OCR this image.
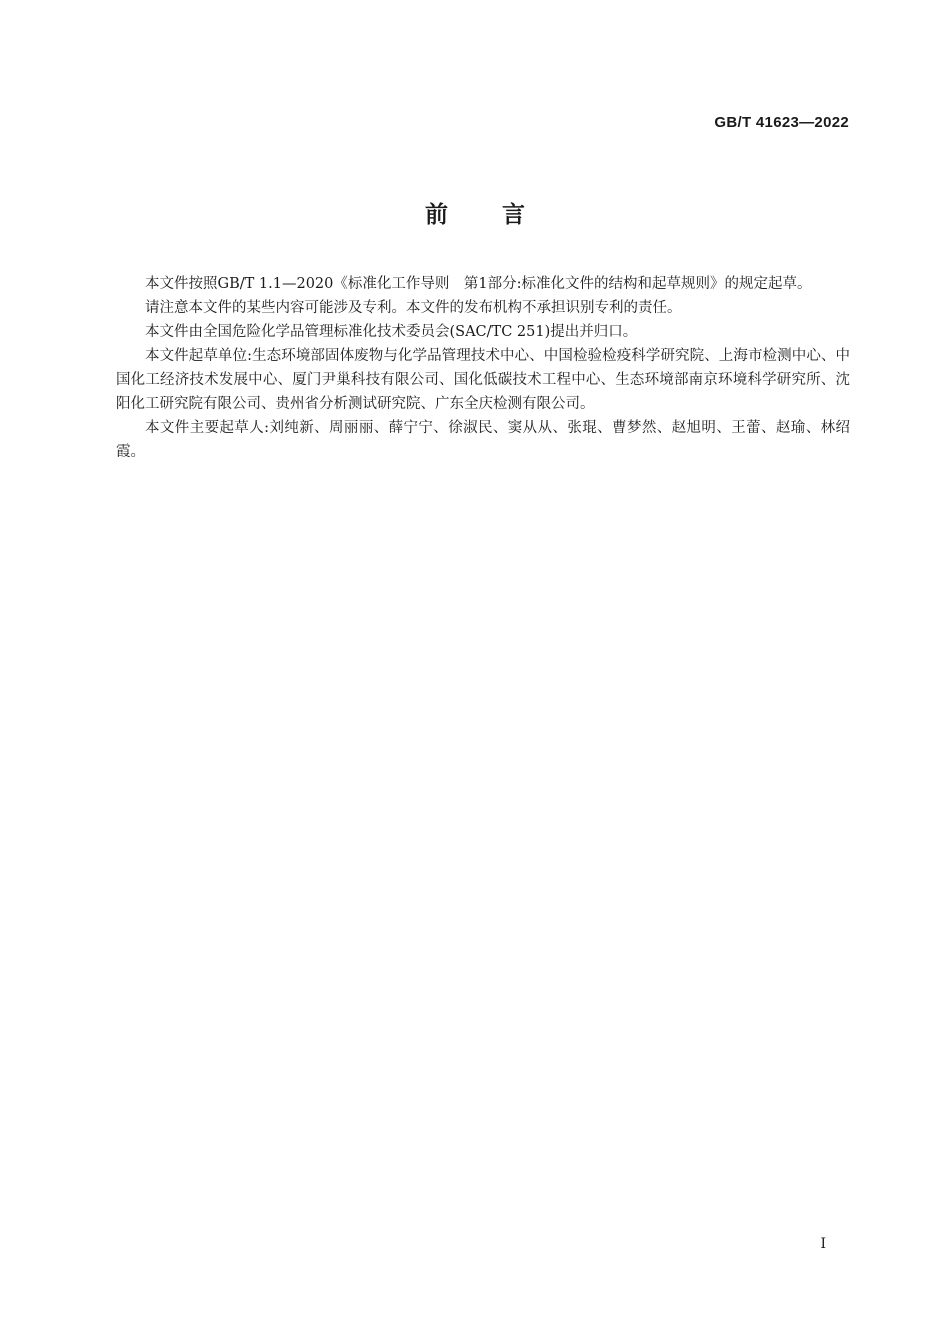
GB/T 41623—2022
前言

本文件按照GB/T 1.1—2020《标准化工作导则　第1部分:标准化文件的结构和起草规则》的规定起草。

请注意本文件的某些内容可能涉及专利。本文件的发布机构不承担识别专利的责任。

本文件由全国危险化学品管理标准化技术委员会(SAC/TC 251)提出并归口。

本文件起草单位:生态环境部固体废物与化学品管理技术中心、中国检验检疫科学研究院、上海市检测中心、中国化工经济技术发展中心、厦门尹巢科技有限公司、国化低碳技术工程中心、生态环境部南京环境科学研究所、沈阳化工研究院有限公司、贵州省分析测试研究院、广东全庆检测有限公司。

本文件主要起草人:刘纯新、周丽丽、薛宁宁、徐淑民、窦从从、张琨、曹梦然、赵旭明、王蕾、赵瑜、林绍霞。

I
